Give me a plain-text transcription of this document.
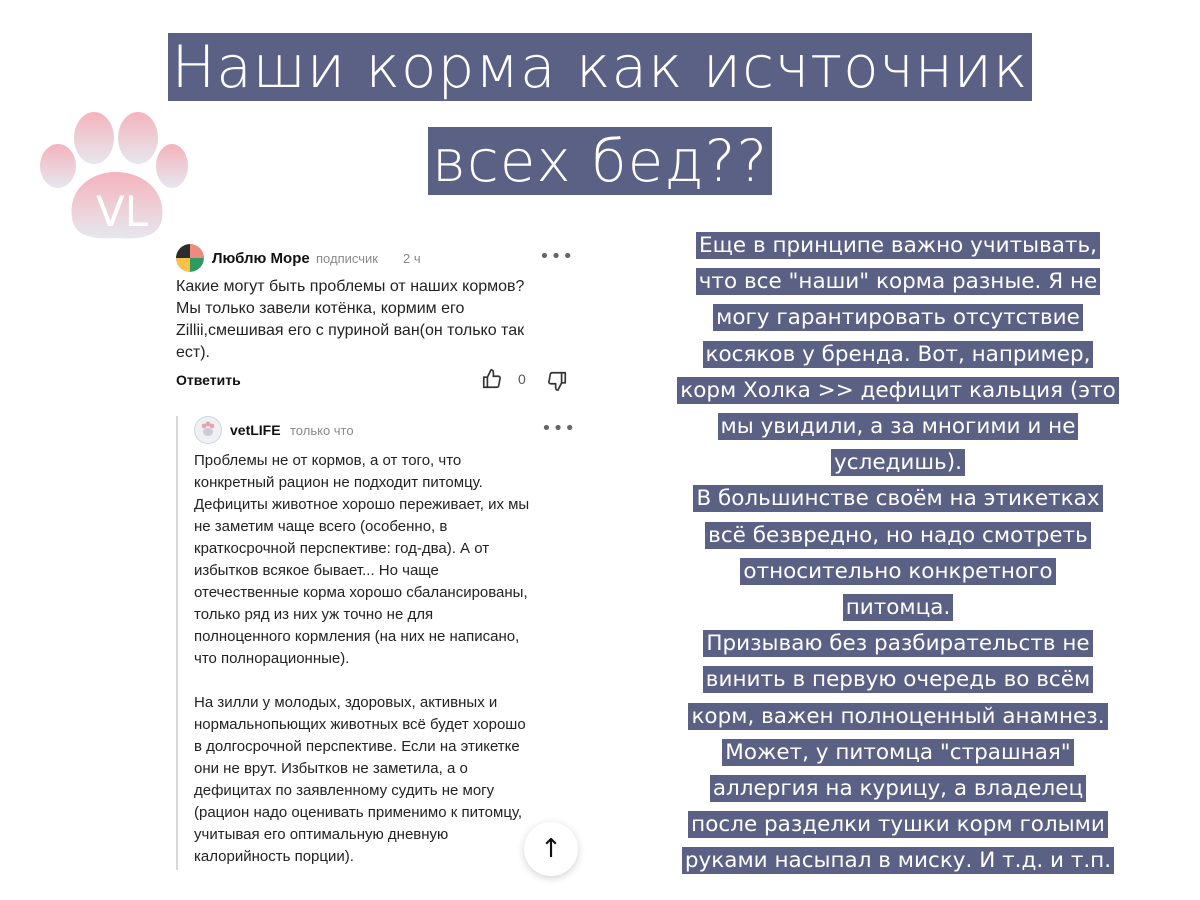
Наши корма как исчточник
всех бед??
VL
Люблю Море подписчик 2 ч	•••
Какие могут быть проблемы от наших кормов?
Мы только завели котёнка, кормим его
Zillii,смешивая его с пуриной ван(он только так
ест).
Ответить	0
vetLIFE только что	•••
Проблемы не от кормов, а от того, что
конкретный рацион не подходит питомцу.
Дефициты животное хорошо переживает, их мы
не заметим чаще всего (особенно, в
краткосрочной перспективе: год-два). А от
избытков всякое бывает... Но чаще
отечественные корма хорошо сбалансированы,
только ряд из них уж точно не для
полноценного кормления (на них не написано,
что полнорационные).

На зилли у молодых, здоровых, активных и
нормальнопьющих животных всё будет хорошо
в долгосрочной перспективе. Если на этикетке
они не врут. Избытков не заметила, а о
дефицитах по заявленному судить не могу
(рацион надо оценивать применимо к питомцу,
учитывая его оптимальную дневную
калорийность порции).	↑
Еще в принципе важно учитывать,
что все "наши" корма разные. Я не
могу гарантировать отсутствие
косяков у бренда. Вот, например,
корм Холка >> дефицит кальция (это
мы увидили, а за многими и не
уследишь).
В большинстве своём на этикетках
всё безвредно, но надо смотреть
относительно конкретного
питомца.
Призываю без разбирательств не
винить в первую очередь во всём
корм, важен полноценный анамнез.
Может, у питомца "страшная"
аллергия на курицу, а владелец
после разделки тушки корм голыми
руками насыпал в миску. И т.д. и т.п.
